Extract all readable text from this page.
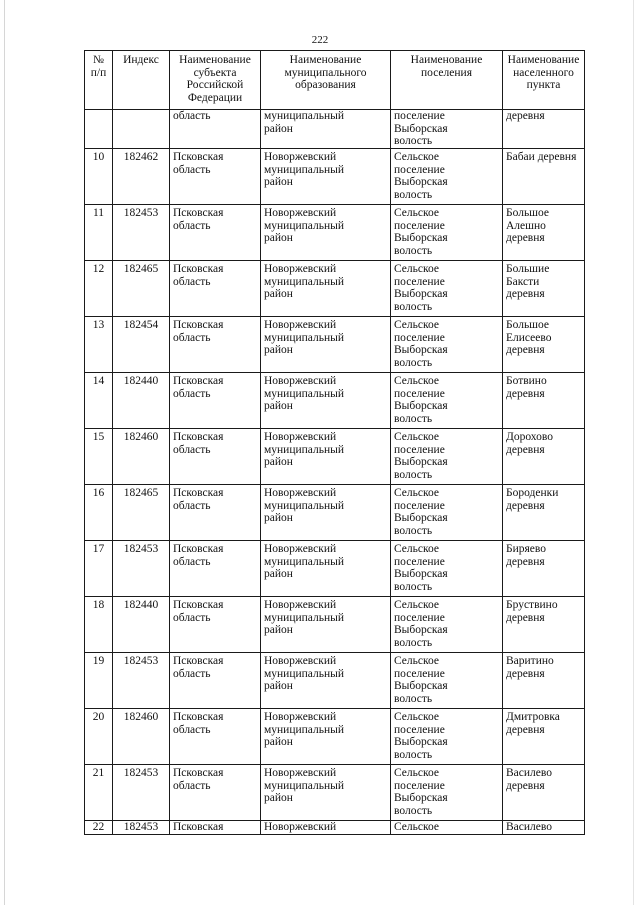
222
№
п/п	Индекс	Наименование
субъекта
Российской
Федерации	Наименование
муниципального
образования	Наименование
поселения	Наименование
населенного
пункта
		область	муниципальный
район	поселение
Выборская
волость	деревня
10	182462	Псковская
область	Новоржевский
муниципальный
район	Сельское
поселение
Выборская
волость	Бабаи деревня
11	182453	Псковская
область	Новоржевский
муниципальный
район	Сельское
поселение
Выборская
волость	Большое Алешно
деревня
12	182465	Псковская
область	Новоржевский
муниципальный
район	Сельское
поселение
Выборская
волость	Большие Баксти
деревня
13	182454	Псковская
область	Новоржевский
муниципальный
район	Сельское
поселение
Выборская
волость	Большое
Елисеево
деревня
14	182440	Псковская
область	Новоржевский
муниципальный
район	Сельское
поселение
Выборская
волость	Ботвино деревня
15	182460	Псковская
область	Новоржевский
муниципальный
район	Сельское
поселение
Выборская
волость	Дорохово
деревня
16	182465	Псковская
область	Новоржевский
муниципальный
район	Сельское
поселение
Выборская
волость	Бороденки
деревня
17	182453	Псковская
область	Новоржевский
муниципальный
район	Сельское
поселение
Выборская
волость	Биряево деревня
18	182440	Псковская
область	Новоржевский
муниципальный
район	Сельское
поселение
Выборская
волость	Бруствино
деревня
19	182453	Псковская
область	Новоржевский
муниципальный
район	Сельское
поселение
Выборская
волость	Варитино
деревня
20	182460	Псковская
область	Новоржевский
муниципальный
район	Сельское
поселение
Выборская
волость	Дмитровка
деревня
21	182453	Псковская
область	Новоржевский
муниципальный
район	Сельское
поселение
Выборская
волость	Василево
деревня
22	182453	Псковская	Новоржевский	Сельское	Василево
